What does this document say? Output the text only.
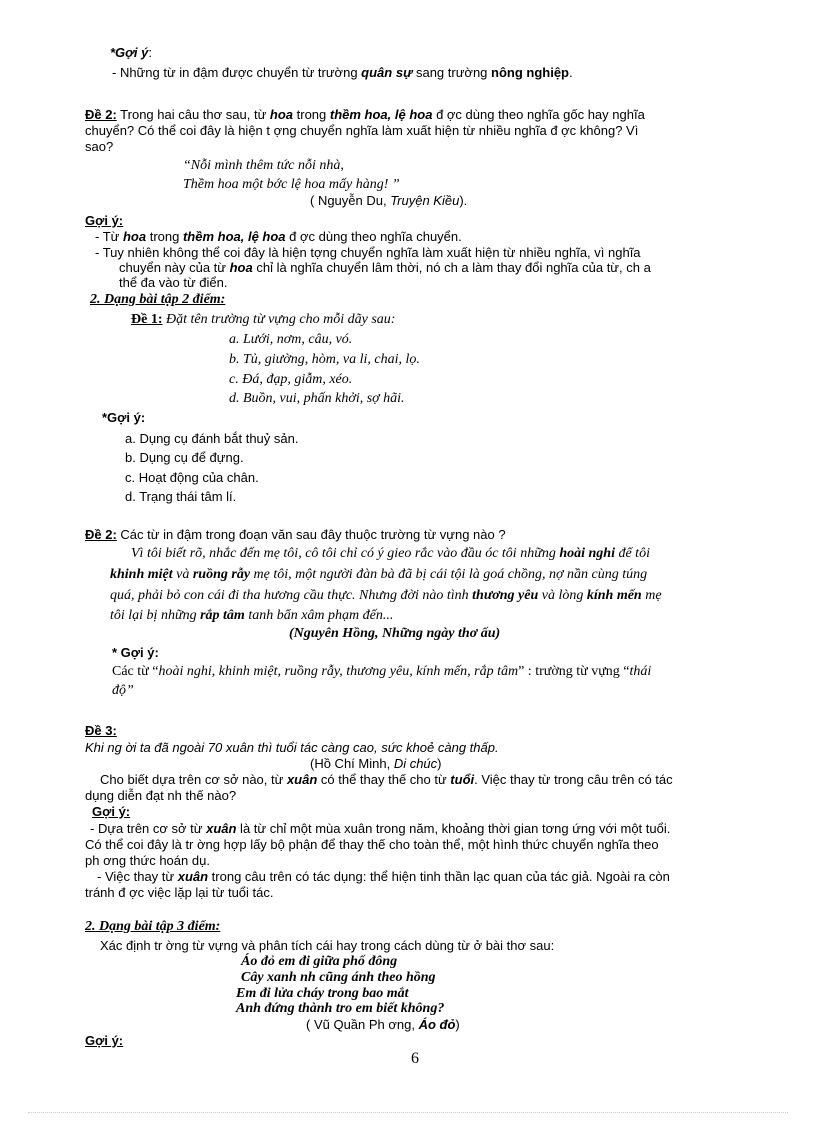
6
*Gợi ý:
- Những từ in đậm được chuyển từ trường quân sự sang trường nông nghiệp.
Đề 2: Trong hai câu thơ sau, từ hoa trong thềm hoa, lệ hoa đ ợc dùng theo nghĩa gốc hay nghĩa
chuyển? Có thể coi đây là hiện t ợng chuyển nghĩa làm xuất hiện từ nhiều nghĩa đ ợc không? Vì
sao?
“Nỗi mình thêm tức nỗi nhà,
Thềm hoa một bớc lệ hoa mấy hàng! ”
( Nguyễn Du, Truyện Kiều).
Gợi ý:
- Từ hoa trong thềm hoa, lệ hoa đ ợc dùng theo nghĩa chuyển.
- Tuy nhiên không thể coi đây là hiện tợng chuyển nghĩa làm xuất hiện từ nhiều nghĩa, vì nghĩa
chuyển này của từ hoa chỉ là nghĩa chuyển lâm thời, nó ch a làm thay đổi nghĩa của từ, ch a
thể đa vào từ điển.
2. Dạng bài tập 2 điểm:
Đề 1: Đặt tên trường từ vựng cho mỗi dãy sau:
a. Lưới, nơm, câu, vó.
b. Tủ, giường, hòm, va li, chai, lọ.
c. Đá, đạp, giẫm, xéo.
d. Buồn, vui, phấn khởi, sợ hãi.
*Gợi ý:
a. Dụng cụ đánh bắt thuỷ sản.
b. Dụng cụ để đựng.
c. Hoạt động của chân.
d. Trạng thái tâm lí.
Đề 2: Các từ in đậm trong đoạn văn sau đây thuộc trường từ vựng nào ?
Vì tôi biết rõ, nhắc đến mẹ tôi, cô tôi chỉ có ý gieo rắc vào đầu óc tôi những hoài nghi để tôi
khinh miệt và ruồng rẫy mẹ tôi, một người đàn bà đã bị cái tội là goá chồng, nợ nần cùng túng
quá, phải bỏ con cái đi tha hương cầu thực. Nhưng đời nào tình thương yêu và lòng kính mến mẹ
tôi lại bị những rắp tâm tanh bẩn xâm phạm đến...
(Nguyên Hồng, Những ngày thơ ấu)
* Gợi ý:
Các từ “hoài nghi, khinh miệt, ruồng rẫy, thương yêu, kính mến, rắp tâm” : trường từ vựng “thái
độ”
Đề 3:
Khi ng ời ta đã ngoài 70 xuân thì tuổi tác càng cao, sức khoẻ càng thấp.
(Hồ Chí Minh, Di chúc)
Cho biết dựa trên cơ sở nào, từ xuân có thể thay thế cho từ tuổi. Việc thay từ trong câu trên có tác
dụng diễn đạt nh thế nào?
Gợi ý:
- Dựa trên cơ sở từ xuân là từ chỉ một mùa xuân trong năm, khoảng thời gian tơng ứng với một tuổi.
Có thể coi đây là tr ờng hợp lấy bộ phận để thay thế cho toàn thể, một hình thức chuyển nghĩa theo
ph ơng thức hoán dụ.
- Việc thay từ xuân trong câu trên có tác dụng: thể hiện tinh thần lạc quan của tác giả. Ngoài ra còn
tránh đ ợc việc lặp lại từ tuổi tác.
2. Dạng bài tập 3 điểm:
Xác định tr ờng từ vựng và phân tích cái hay trong cách dùng từ ở bài thơ sau:
Áo đỏ em đi giữa phố đông
Cây xanh nh cũng ánh theo hồng
Em đi lửa cháy trong bao mắt
Anh đứng thành tro em biết không?
( Vũ Quần Ph ơng, Áo đỏ)
Gợi ý:
